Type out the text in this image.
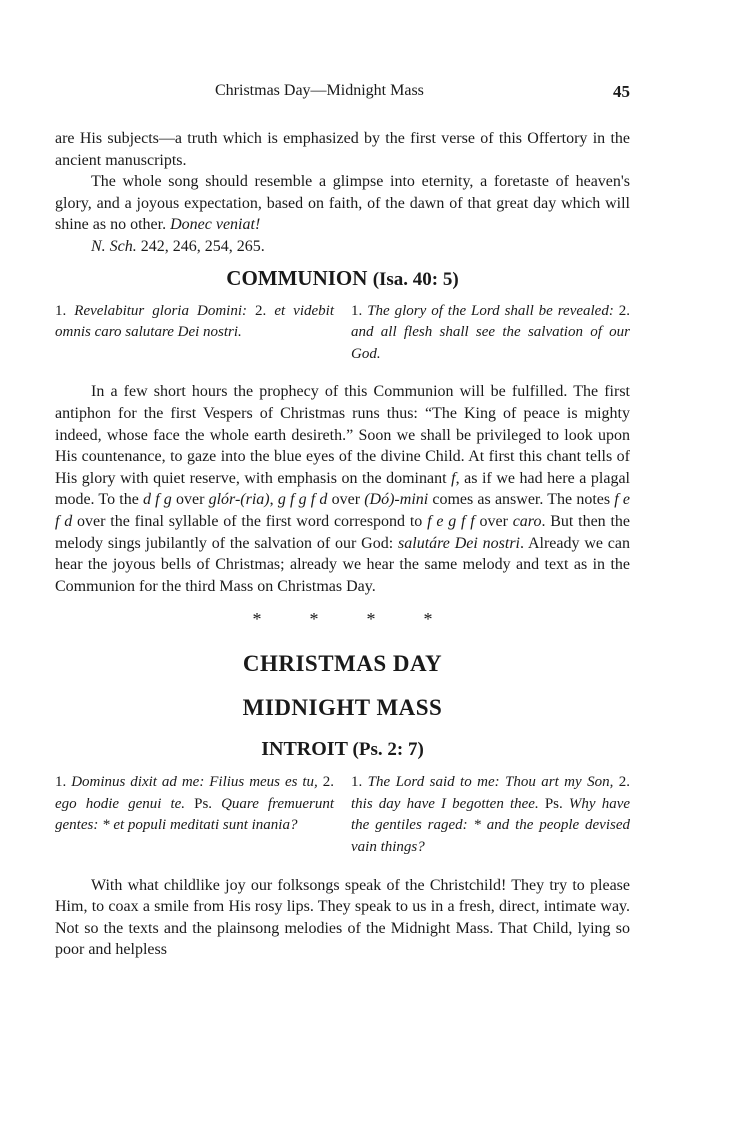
Christmas Day—Midnight Mass	45

are His subjects—a truth which is emphasized by the first verse of this Offertory in the ancient manuscripts.

The whole song should resemble a glimpse into eternity, a foretaste of heaven's glory, and a joyous expectation, based on faith, of the dawn of that great day which will shine as no other. Donec veniat!

N. Sch. 242, 246, 254, 265.

COMMUNION (Isa. 40: 5)
1. Revelabitur gloria Domini: 2. et videbit omnis caro salutare Dei nostri.
1. The glory of the Lord shall be revealed: 2. and all flesh shall see the salvation of our God.

In a few short hours the prophecy of this Communion will be fulfilled. The first antiphon for the first Vespers of Christmas runs thus: “The King of peace is mighty indeed, whose face the whole earth desireth.” Soon we shall be privileged to look upon His countenance, to gaze into the blue eyes of the divine Child. At first this chant tells of His glory with quiet reserve, with emphasis on the dominant f, as if we had here a plagal mode. To the d f g over glór-(ria), g f g f d over (Dó)-mini comes as answer. The notes f e f d over the final syllable of the first word correspond to f e g f f over caro. But then the melody sings jubilantly of the salvation of our God: salutáre Dei nostri. Already we can hear the joyous bells of Christmas; already we hear the same melody and text as in the Communion for the third Mass on Christmas Day.

*	*	*	*
CHRISTMAS DAY
MIDNIGHT MASS
INTROIT (Ps. 2: 7)
1. Dominus dixit ad me: Filius meus es tu, 2. ego hodie genui te. Ps. Quare fremuerunt gentes: * et populi meditati sunt inania?
1. The Lord said to me: Thou art my Son, 2. this day have I begotten thee. Ps. Why have the gentiles raged: * and the people devised vain things?

With what childlike joy our folksongs speak of the Christchild! They try to please Him, to coax a smile from His rosy lips. They speak to us in a fresh, direct, intimate way. Not so the texts and the plainsong melodies of the Midnight Mass. That Child, lying so poor and helpless
